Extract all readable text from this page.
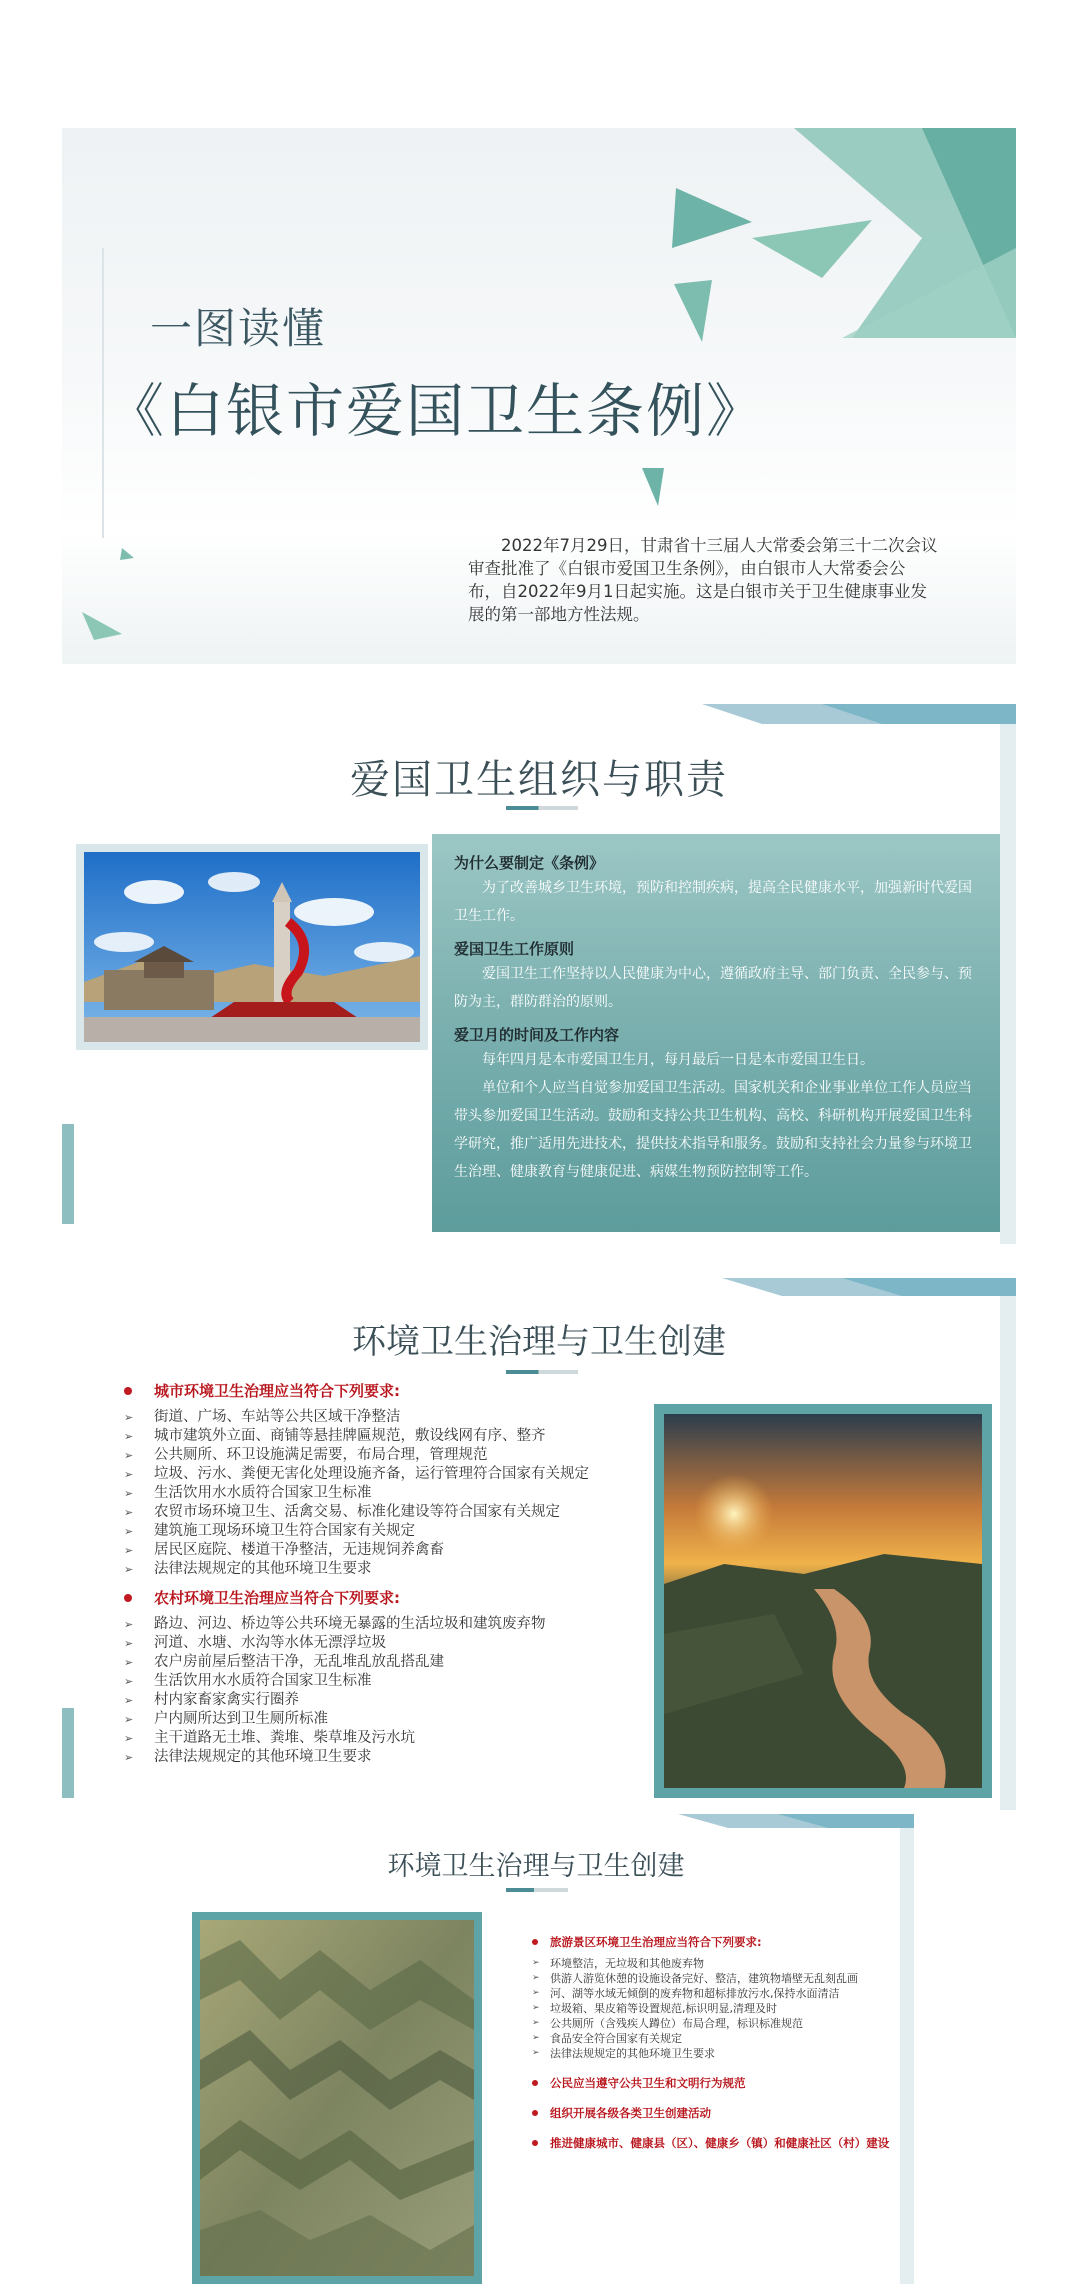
一图读懂
《白银市爱国卫生条例》

2022年7月29日，甘肃省十三届人大常委会第三十二次会议审查批准了《白银市爱国卫生条例》，由白银市人大常委会公布，自2022年9月1日起实施。这是白银市关于卫生健康事业发展的第一部地方性法规。

爱国卫生组织与职责
为什么要制定《条例》

为了改善城乡卫生环境，预防和控制疾病，提高全民健康水平，加强新时代爱国卫生工作。

爱国卫生工作原则

爱国卫生工作坚持以人民健康为中心，遵循政府主导、部门负责、全民参与、预防为主，群防群治的原则。

爱卫月的时间及工作内容

每年四月是本市爱国卫生月，每月最后一日是本市爱国卫生日。

单位和个人应当自觉参加爱国卫生活动。国家机关和企业事业单位工作人员应当带头参加爱国卫生活动。鼓励和支持公共卫生机构、高校、科研机构开展爱国卫生科学研究，推广适用先进技术，提供技术指导和服务。鼓励和支持社会力量参与环境卫生治理、健康教育与健康促进、病媒生物预防控制等工作。

环境卫生治理与卫生创建
城市环境卫生治理应当符合下列要求:
➢ 街道、广场、车站等公共区域干净整洁
➢ 城市建筑外立面、商铺等悬挂牌匾规范，敷设线网有序、整齐
➢ 公共厕所、环卫设施满足需要，布局合理，管理规范
➢ 垃圾、污水、粪便无害化处理设施齐备，运行管理符合国家有关规定
➢ 生活饮用水水质符合国家卫生标准
➢ 农贸市场环境卫生、活禽交易、标准化建设等符合国家有关规定
➢ 建筑施工现场环境卫生符合国家有关规定
➢ 居民区庭院、楼道干净整洁，无违规饲养禽畜
➢ 法律法规规定的其他环境卫生要求
农村环境卫生治理应当符合下列要求:
➢ 路边、河边、桥边等公共环境无暴露的生活垃圾和建筑废弃物
➢ 河道、水塘、水沟等水体无漂浮垃圾
➢ 农户房前屋后整洁干净，无乱堆乱放乱搭乱建
➢ 生活饮用水水质符合国家卫生标准
➢ 村内家畜家禽实行圈养
➢ 户内厕所达到卫生厕所标准
➢ 主干道路无土堆、粪堆、柴草堆及污水坑
➢ 法律法规规定的其他环境卫生要求
环境卫生治理与卫生创建
旅游景区环境卫生治理应当符合下列要求:
➢ 环境整洁，无垃圾和其他废弃物
➢ 供游人游览休憩的设施设备完好、整洁，建筑物墙壁无乱刻乱画
➢ 河、湖等水域无倾倒的废弃物和超标排放污水,保持水面清洁
➢ 垃圾箱、果皮箱等设置规范,标识明显,清理及时
➢ 公共厕所（含残疾人蹲位）布局合理，标识标准规范
➢ 食品安全符合国家有关规定
➢ 法律法规规定的其他环境卫生要求
公民应当遵守公共卫生和文明行为规范
组织开展各级各类卫生创建活动
推进健康城市、健康县（区）、健康乡（镇）和健康社区（村）建设
